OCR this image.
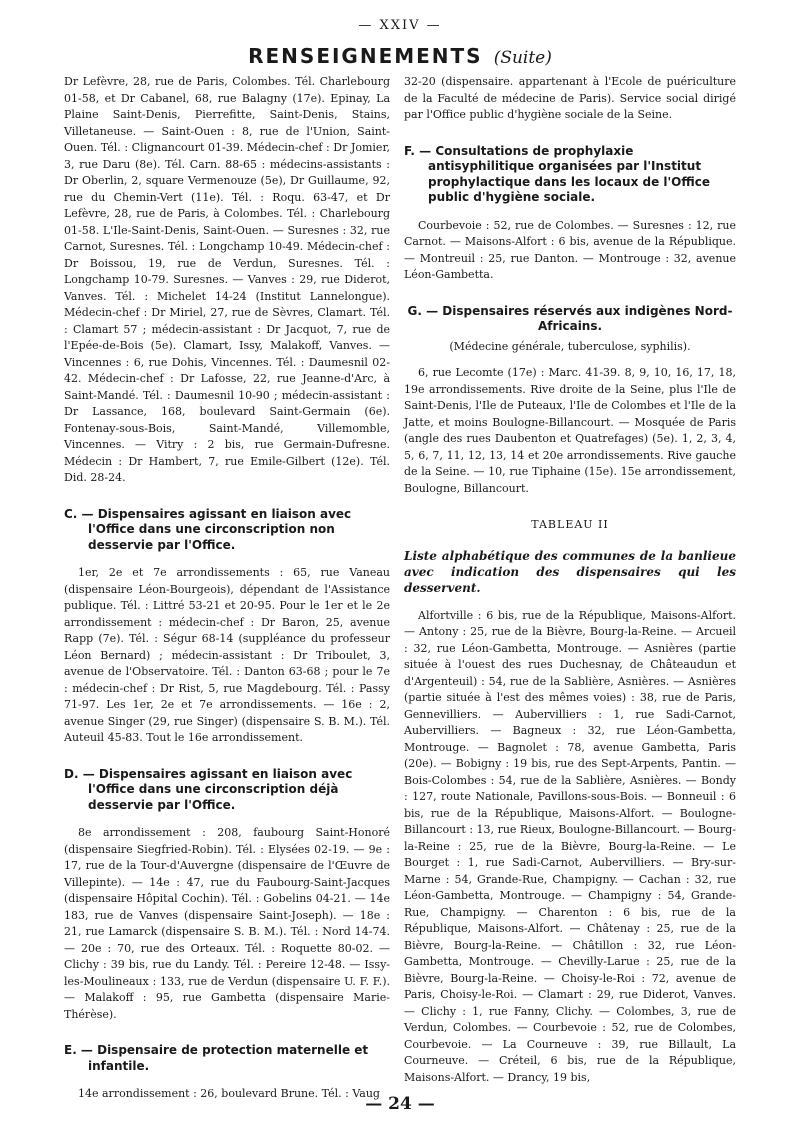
— XXIV —
RENSEIGNEMENTS (Suite)

Dr Lefèvre, 28, rue de Paris, Colombes. Tél. Charlebourg 01-58, et Dr Cabanel, 68, rue Balagny (17e). Epinay, La Plaine Saint-Denis, Pierrefitte, Saint-Denis, Stains, Villetaneuse. — Saint-Ouen : 8, rue de l'Union, Saint-Ouen. Tél. : Clignancourt 01-39. Médecin-chef : Dr Jomier, 3, rue Daru (8e). Tél. Carn. 88-65 : médecins-assistants : Dr Oberlin, 2, square Vermenouze (5e), Dr Guillaume, 92, rue du Chemin-Vert (11e). Tél. : Roqu. 63-47, et Dr Lefèvre, 28, rue de Paris, à Colombes. Tél. : Charlebourg 01-58. L'Ile-Saint-Denis, Saint-Ouen. — Suresnes : 32, rue Carnot, Suresnes. Tél. : Longchamp 10-49. Médecin-chef : Dr Boissou, 19, rue de Verdun, Suresnes. Tél. : Longchamp 10-79. Suresnes. — Vanves : 29, rue Diderot, Vanves. Tél. : Michelet 14-24 (Institut Lannelongue). Médecin-chef : Dr Miriel, 27, rue de Sèvres, Clamart. Tél. : Clamart 57 ; médecin-assistant : Dr Jacquot, 7, rue de l'Epée-de-Bois (5e). Clamart, Issy, Malakoff, Vanves. — Vincennes : 6, rue Dohis, Vincennes. Tél. : Daumesnil 02-42. Médecin-chef : Dr Lafosse, 22, rue Jeanne-d'Arc, à Saint-Mandé. Tél. : Daumesnil 10-90 ; médecin-assistant : Dr Lassance, 168, boulevard Saint-Germain (6e). Fontenay-sous-Bois, Saint-Mandé, Villemomble, Vincennes. — Vitry : 2 bis, rue Germain-Dufresne. Médecin : Dr Hambert, 7, rue Emile-Gilbert (12e). Tél. Did. 28-24.

C. — Dispensaires agissant en liaison avec l'Office dans une circonscription non desservie par l'Office.

1er, 2e et 7e arrondissements : 65, rue Vaneau (dispensaire Léon-Bourgeois), dépendant de l'Assistance publique. Tél. : Littré 53-21 et 20-95. Pour le 1er et le 2e arrondissement : médecin-chef : Dr Baron, 25, avenue Rapp (7e). Tél. : Ségur 68-14 (suppléance du professeur Léon Bernard) ; médecin-assistant : Dr Triboulet, 3, avenue de l'Observatoire. Tél. : Danton 63-68 ; pour le 7e : médecin-chef : Dr Rist, 5, rue Magdebourg. Tél. : Passy 71-97. Les 1er, 2e et 7e arrondissements. — 16e : 2, avenue Singer (29, rue Singer) (dispensaire S. B. M.). Tél. Auteuil 45-83. Tout le 16e arrondissement.

D. — Dispensaires agissant en liaison avec l'Office dans une circonscription déjà desservie par l'Office.

8e arrondissement : 208, faubourg Saint-Honoré (dispensaire Siegfried-Robin). Tél. : Elysées 02-19. — 9e : 17, rue de la Tour-d'Auvergne (dispensaire de l'Œuvre de Villepinte). — 14e : 47, rue du Faubourg-Saint-Jacques (dispensaire Hôpital Cochin). Tél. : Gobelins 04-21. — 14e 183, rue de Vanves (dispensaire Saint-Joseph). — 18e : 21, rue Lamarck (dispensaire S. B. M.). Tél. : Nord 14-74. — 20e : 70, rue des Orteaux. Tél. : Roquette 80-02. — Clichy : 39 bis, rue du Landy. Tél. : Pereire 12-48. — Issy-les-Moulineaux : 133, rue de Verdun (dispensaire U. F. F.). — Malakoff : 95, rue Gambetta (dispensaire Marie-Thérèse).

E. — Dispensaire de protection maternelle et infantile.

14e arrondissement : 26, boulevard Brune. Tél. : Vaug

32-20 (dispensaire. appartenant à l'Ecole de puériculture de la Faculté de médecine de Paris). Service social dirigé par l'Office public d'hygiène sociale de la Seine.

F. — Consultations de prophylaxie antisyphilitique organisées par l'Institut prophylactique dans les locaux de l'Office public d'hygiène sociale.

Courbevoie : 52, rue de Colombes. — Suresnes : 12, rue Carnot. — Maisons-Alfort : 6 bis, avenue de la République. — Montreuil : 25, rue Danton. — Montrouge : 32, avenue Léon-Gambetta.

G. — Dispensaires réservés aux indigènes Nord-Africains.
(Médecine générale, tuberculose, syphilis).

6, rue Lecomte (17e) : Marc. 41-39. 8, 9, 10, 16, 17, 18, 19e arrondissements. Rive droite de la Seine, plus l'Ile de Saint-Denis, l'Ile de Puteaux, l'Ile de Colombes et l'Ile de la Jatte, et moins Boulogne-Billancourt. — Mosquée de Paris (angle des rues Daubenton et Quatrefages) (5e). 1, 2, 3, 4, 5, 6, 7, 11, 12, 13, 14 et 20e arrondissements. Rive gauche de la Seine. — 10, rue Tiphaine (15e). 15e arrondissement, Boulogne, Billancourt.

TABLEAU II
Liste alphabétique des communes de la banlieue avec indication des dispensaires qui les desservent.

Alfortville : 6 bis, rue de la République, Maisons-Alfort. — Antony : 25, rue de la Bièvre, Bourg-la-Reine. — Arcueil : 32, rue Léon-Gambetta, Montrouge. — Asnières (partie située à l'ouest des rues Duchesnay, de Châteaudun et d'Argenteuil) : 54, rue de la Sablière, Asnières. — Asnières (partie située à l'est des mêmes voies) : 38, rue de Paris, Gennevilliers. — Aubervilliers : 1, rue Sadi-Carnot, Aubervilliers. — Bagneux : 32, rue Léon-Gambetta, Montrouge. — Bagnolet : 78, avenue Gambetta, Paris (20e). — Bobigny : 19 bis, rue des Sept-Arpents, Pantin. — Bois-Colombes : 54, rue de la Sablière, Asnières. — Bondy : 127, route Nationale, Pavillons-sous-Bois. — Bonneuil : 6 bis, rue de la République, Maisons-Alfort. — Boulogne-Billancourt : 13, rue Rieux, Boulogne-Billancourt. — Bourg-la-Reine : 25, rue de la Bièvre, Bourg-la-Reine. — Le Bourget : 1, rue Sadi-Carnot, Aubervilliers. — Bry-sur-Marne : 54, Grande-Rue, Champigny. — Cachan : 32, rue Léon-Gambetta, Montrouge. — Champigny : 54, Grande-Rue, Champigny. — Charenton : 6 bis, rue de la République, Maisons-Alfort. — Châtenay : 25, rue de la Bièvre, Bourg-la-Reine. — Châtillon : 32, rue Léon-Gambetta, Montrouge. — Chevilly-Larue : 25, rue de la Bièvre, Bourg-la-Reine. — Choisy-le-Roi : 72, avenue de Paris, Choisy-le-Roi. — Clamart : 29, rue Diderot, Vanves. — Clichy : 1, rue Fanny, Clichy. — Colombes, 3, rue de Verdun, Colombes. — Courbevoie : 52, rue de Colombes, Courbevoie. — La Courneuve : 39, rue Billault, La Courneuve. — Créteil, 6 bis, rue de la République, Maisons-Alfort. — Drancy, 19 bis,

— 24 —
